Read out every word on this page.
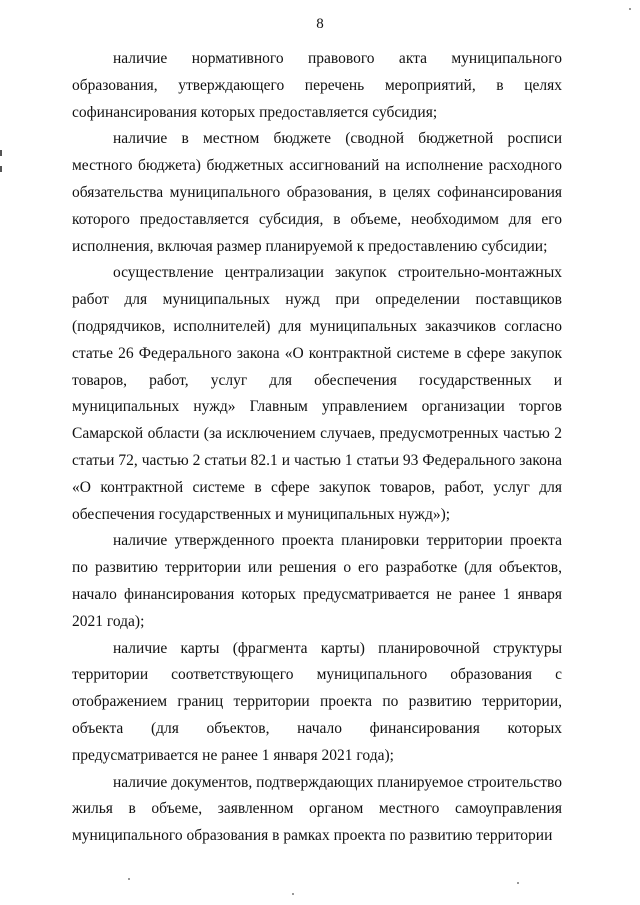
8

наличие нормативного правового акта муниципального образования, утверждающего перечень мероприятий, в целях софинансирования которых предоставляется субсидия;

наличие в местном бюджете (сводной бюджетной росписи местного бюджета) бюджетных ассигнований на исполнение расходного обязательства муниципального образования, в целях софинансирования которого предоставляется субсидия, в объеме, необходимом для его исполнения, включая размер планируемой к предоставлению субсидии;

осуществление централизации закупок строительно-монтажных работ для муниципальных нужд при определении поставщиков (подрядчиков, исполнителей) для муниципальных заказчиков согласно статье 26 Федерального закона «О контрактной системе в сфере закупок товаров, работ, услуг для обеспечения государственных и муниципальных нужд» Главным управлением организации торгов Самарской области (за исключением случаев, предусмотренных частью 2 статьи 72, частью 2 статьи 82.1 и частью 1 статьи 93 Федерального закона «О контрактной системе в сфере закупок товаров, работ, услуг для обеспечения государственных и муниципальных нужд»);

наличие утвержденного проекта планировки территории проекта по развитию территории или решения о его разработке (для объектов, начало финансирования которых предусматривается не ранее 1 января 2021 года);

наличие карты (фрагмента карты) планировочной структуры территории соответствующего муниципального образования с отображением границ территории проекта по развитию территории, объекта (для объектов, начало финансирования которых предусматривается не ранее 1 января 2021 года);

наличие документов, подтверждающих планируемое строительство жилья в объеме, заявленном органом местного самоуправления муниципального образования в рамках проекта по развитию территории
